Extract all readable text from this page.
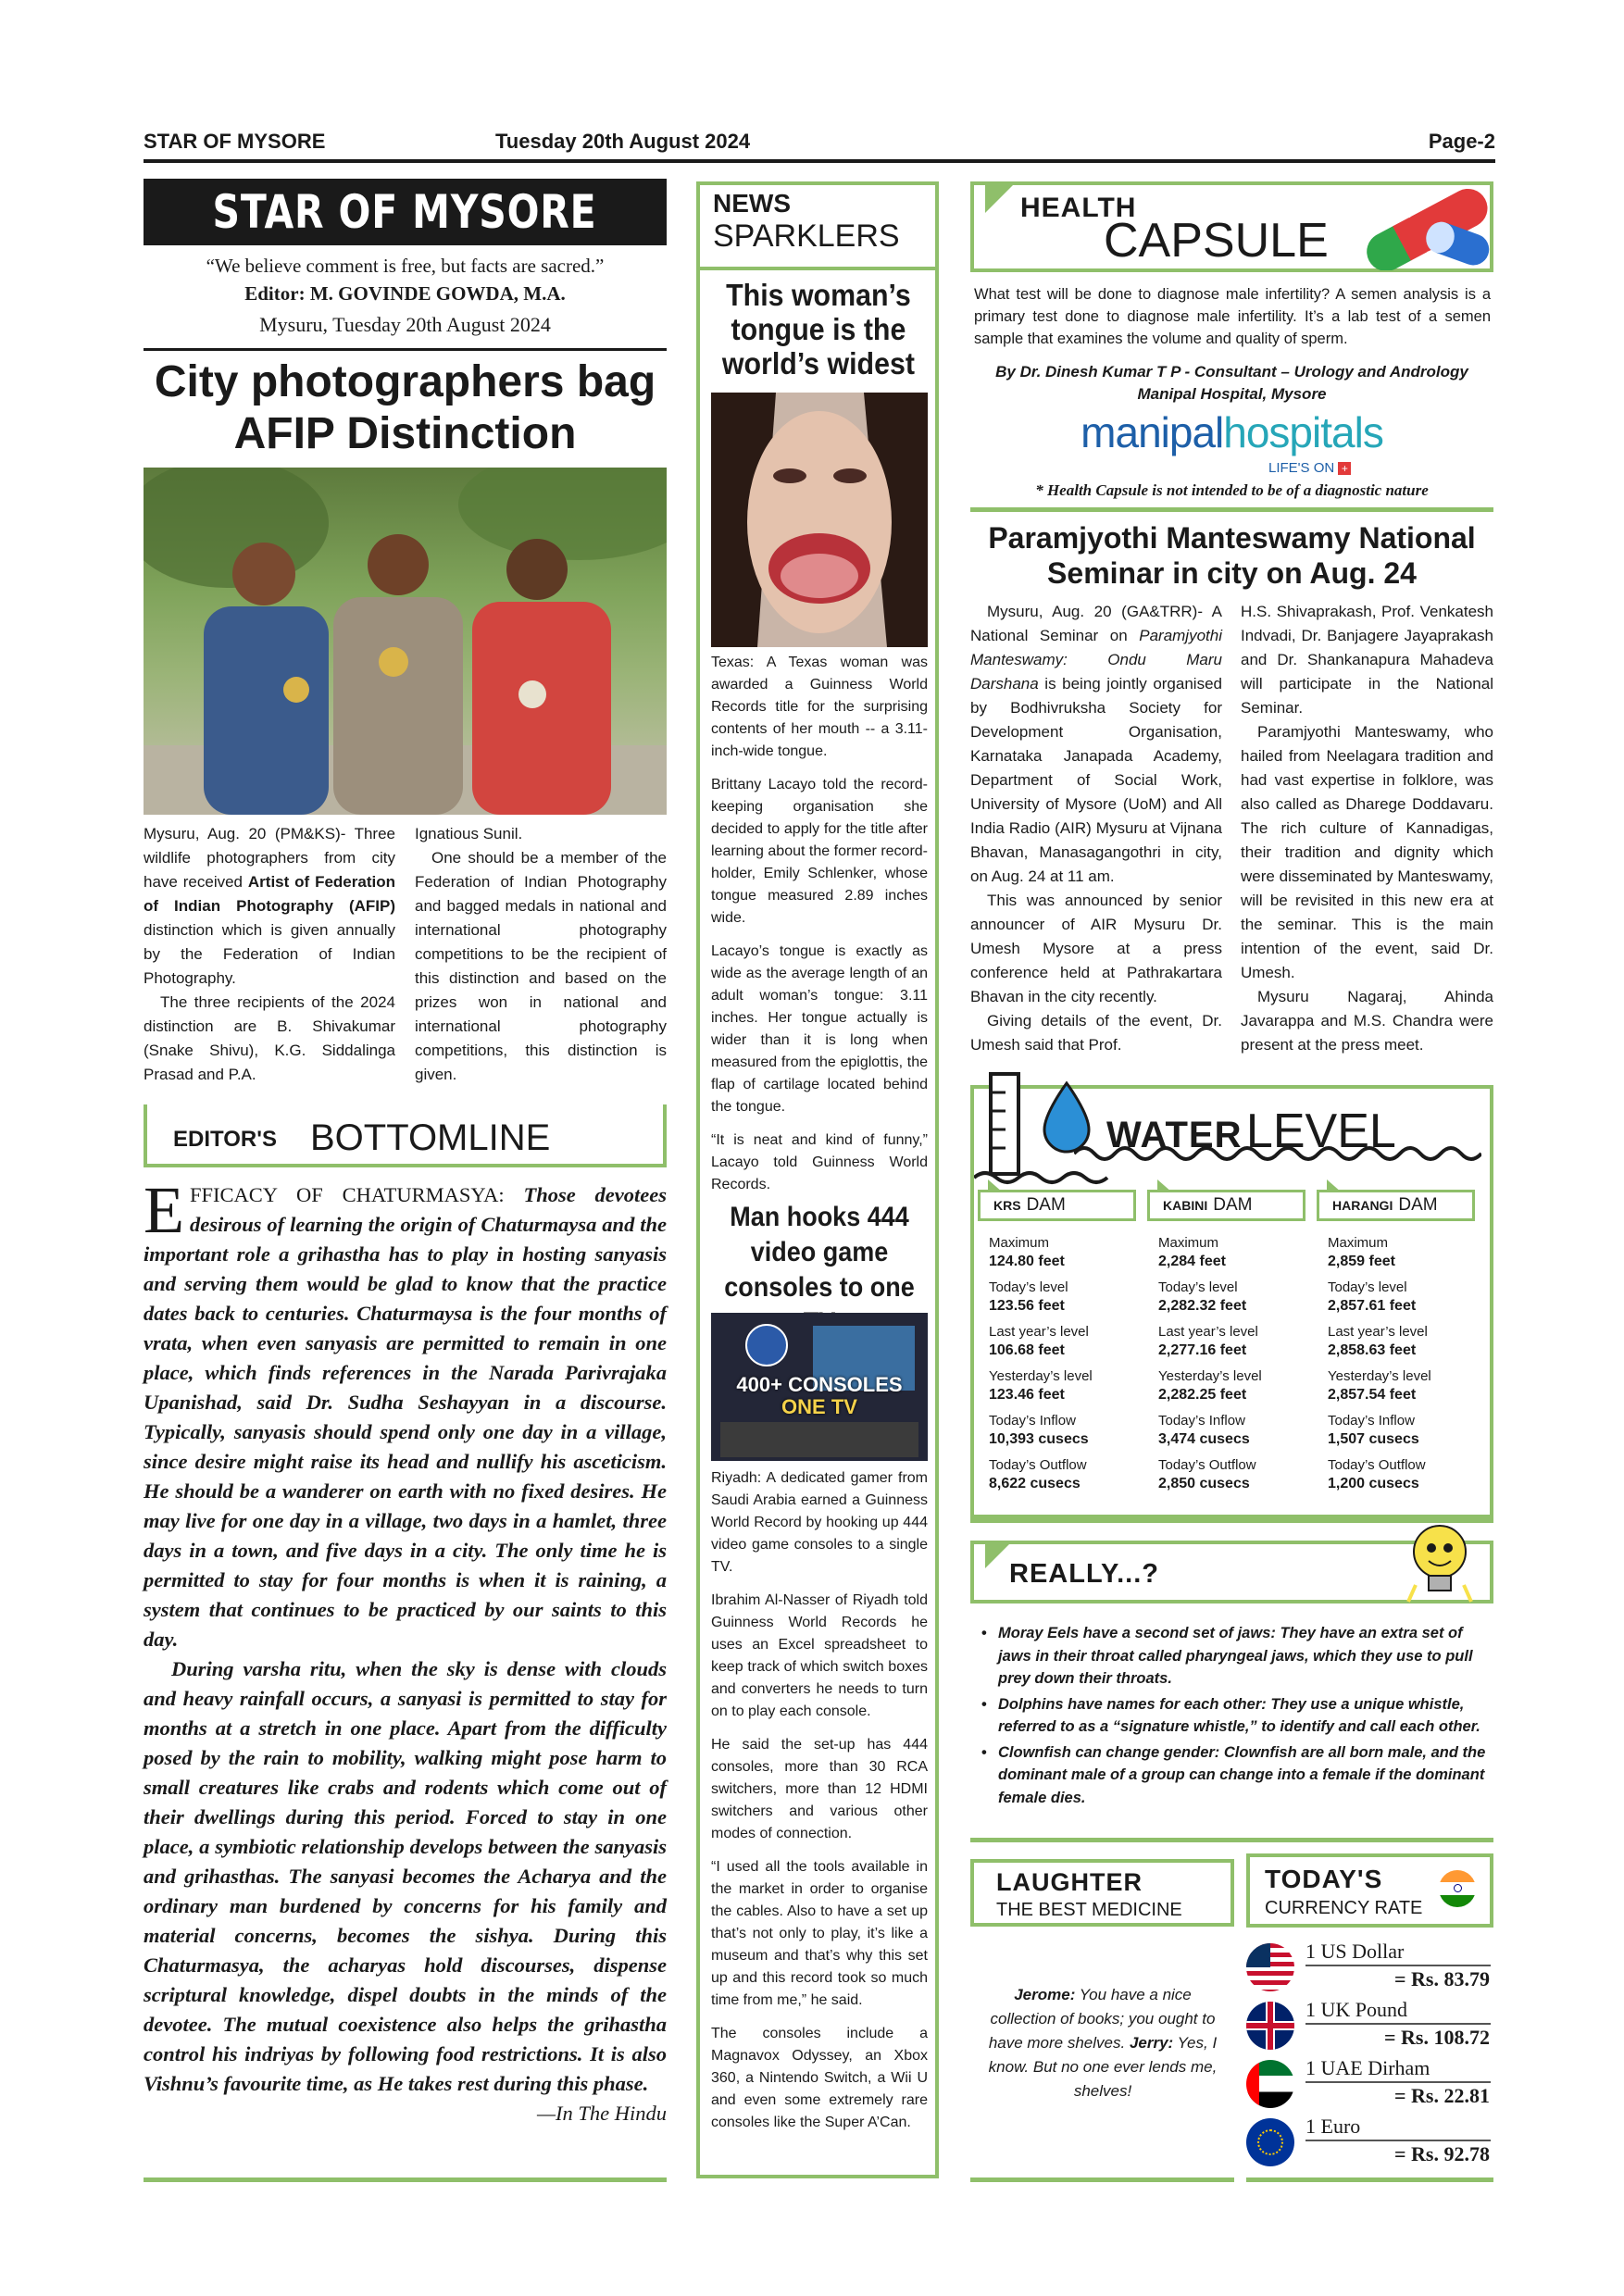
STAR OF MYSORE	Tuesday 20th August 2024	Page-2
STAR OF MYSORE
“We believe comment is free, but facts are sacred.”
Editor: M. GOVINDE GOWDA, M.A.
Mysuru, Tuesday 20th August 2024
City photographers bag
AFIP Distinction

Mysuru, Aug. 20 (PM&KS)- Three wildlife photographers from city have received Artist of Federation of Indian Photography (AFIP) distinction which is given annually by the Federation of Indian Photography.

The three recipients of the 2024 distinction are B. Shivakumar (Snake Shivu), K.G. Siddalinga Prasad and P.A.

Ignatious Sunil.

One should be a member of the Federation of Indian Photography and bagged medals in national and international photography competitions to be the recipient of this distinction and based on the prizes won in national and international photography competitions, this distinction is given.

EDITOR'S BOTTOMLINE
E FFICACY OF CHATURMASYA: Those devotees desirous of learning the origin of Chaturmaysa and the important role a grihastha has to play in hosting sanyasis and serving them would be glad to know that the practice dates back to centuries. Chaturmaysa is the four months of vrata, when even sanyasis are permitted to remain in one place, which finds references in the Narada Parivrajaka Upanishad, said Dr. Sudha Seshayyan in a discourse. Typically, sanyasis should spend only one day in a village, since desire might raise its head and nullify his asceticism. He should be a wanderer on earth with no fixed desires. He may live for one day in a village, two days in a hamlet, three days in a town, and five days in a city. The only time he is permitted to stay for four months is when it is raining, a system that continues to be practiced by our saints to this day.
During varsha ritu, when the sky is dense with clouds and heavy rainfall occurs, a sanyasi is permitted to stay for months at a stretch in one place. Apart from the difficulty posed by the rain to mobility, walking might pose harm to small creatures like crabs and rodents which come out of their dwellings during this period. Forced to stay in one place, a symbiotic relationship develops between the sanyasis and grihasthas. The sanyasi becomes the Acharya and the ordinary man burdened by concerns for his family and material concerns, becomes the sishya. During this Chaturmasya, the acharyas hold discourses, dispense scriptural knowledge, dispel doubts in the minds of the devotee. The mutual coexistence also helps the grihastha control his indriyas by following food restrictions. It is also Vishnu’s favourite time, as He takes rest during this phase.
—In The Hindu
NEWS
SPARKLERS
This woman’s tongue is the world’s widest

Texas: A Texas woman was awarded a Guinness World Records title for the surprising contents of her mouth -- a 3.11-inch-wide tongue.

Brittany Lacayo told the record-keeping organisation she decided to apply for the title after learning about the former record-holder, Emily Schlenker, whose tongue measured 2.89 inches wide.

Lacayo’s tongue is exactly as wide as the average length of an adult woman’s tongue: 3.11 inches. Her tongue actually is wider than it is long when measured from the epiglottis, the flap of cartilage located behind the tongue.

“It is neat and kind of funny,” Lacayo told Guinness World Records.

Man hooks 444 video game consoles to one
400+ CONSOLES
ONE TV

Riyadh: A dedicated gamer from Saudi Arabia earned a Guinness World Record by hooking up 444 video game consoles to a single TV.

Ibrahim Al-Nasser of Riyadh told Guinness World Records he uses an Excel spreadsheet to keep track of which switch boxes and converters he needs to turn on to play each console.

He said the set-up has 444 consoles, more than 30 RCA switchers, more than 12 HDMI switchers and various other modes of connection.

“I used all the tools available in the market in order to organise the cables. Also to have a set up that’s not only to play, it’s like a museum and that’s why this set up and this record took so much time from me,” he said.

The consoles include a Magnavox Odyssey, an Xbox 360, a Nintendo Switch, a Wii U and even some extremely rare consoles like the Super A’Can.

HEALTH
CAPSULE
What test will be done to diagnose male infertility? A semen analysis is a primary test done to diagnose male infertility. It’s a lab test of a semen sample that examines the volume and quality of sperm.
By Dr. Dinesh Kumar T P - Consultant – Urology and Andrology
Manipal Hospital, Mysore
manipalhospitals
LIFE'S ON +
* Health Capsule is not intended to be of a diagnostic nature
Paramjyothi Manteswamy National
Seminar in city on Aug. 24

Mysuru, Aug. 20 (GA&TRR)- A National Seminar on Paramjyothi Manteswamy: Ondu Maru Darshana is being jointly organised by Bodhivruksha Society for Development Organisation, Karnataka Janapada Academy, Department of Social Work, University of Mysore (UoM) and All India Radio (AIR) Mysuru at Vijnana Bhavan, Manasagangothri in city, on Aug. 24 at 11 am.

This was announced by senior announcer of AIR Mysuru Dr. Umesh Mysore at a press conference held at Pathrakartara Bhavan in the city recently.

Giving details of the event, Dr. Umesh said that Prof.

H.S. Shivaprakash, Prof. Venkatesh Indvadi, Dr. Banjagere Jayaprakash and Dr. Shankanapura Mahadeva will participate in the National Seminar.

Paramjyothi Manteswamy, who hailed from Neelagara tradition and had vast expertise in folklore, was also called as Dharege Doddavaru. The rich culture of Kannadigas, their tradition and dignity which were disseminated by Manteswamy, will be revisited in this new era at the seminar. This is the main intention of the event, said Dr. Umesh.

Mysuru Nagaraj, Ahinda Javarappa and M.S. Chandra were present at the press meet.

WATER LEVEL
KRS DAM
Maximum
124.80 feet
Today’s level
123.56 feet
Last year’s level
106.68 feet
Yesterday’s level
123.46 feet
Today’s Inflow
10,393 cusecs
Today’s Outflow
8,622 cusecs
KABINI DAM
Maximum
2,284 feet
Today’s level
2,282.32 feet
Last year’s level
2,277.16 feet
Yesterday’s level
2,282.25 feet
Today’s Inflow
3,474 cusecs
Today’s Outflow
2,850 cusecs
HARANGI DAM
Maximum
2,859 feet
Today’s level
2,857.61 feet
Last year’s level
2,858.63 feet
Yesterday’s level
2,857.54 feet
Today’s Inflow
1,507 cusecs
Today’s Outflow
1,200 cusecs
REALLY...?
• Moray Eels have a second set of jaws: They have an extra set of jaws in their throat called pharyngeal jaws, which they use to pull prey down their throats.
• Dolphins have names for each other: They use a unique whistle, referred to as a “signature whistle,” to identify and call each other.
• Clownfish can change gender: Clownfish are all born male, and the dominant male of a group can change into a female if the dominant female dies.
LAUGHTER
THE BEST MEDICINE
Jerome: You have a nice collection of books; you ought to have more shelves. Jerry: Yes, I know. But no one ever lends me, shelves!
TODAY'S
CURRENCY RATE
1 US Dollar
= Rs. 83.79
1 UK Pound
= Rs. 108.72
1 UAE Dirham
= Rs. 22.81
1 Euro
= Rs. 92.78
